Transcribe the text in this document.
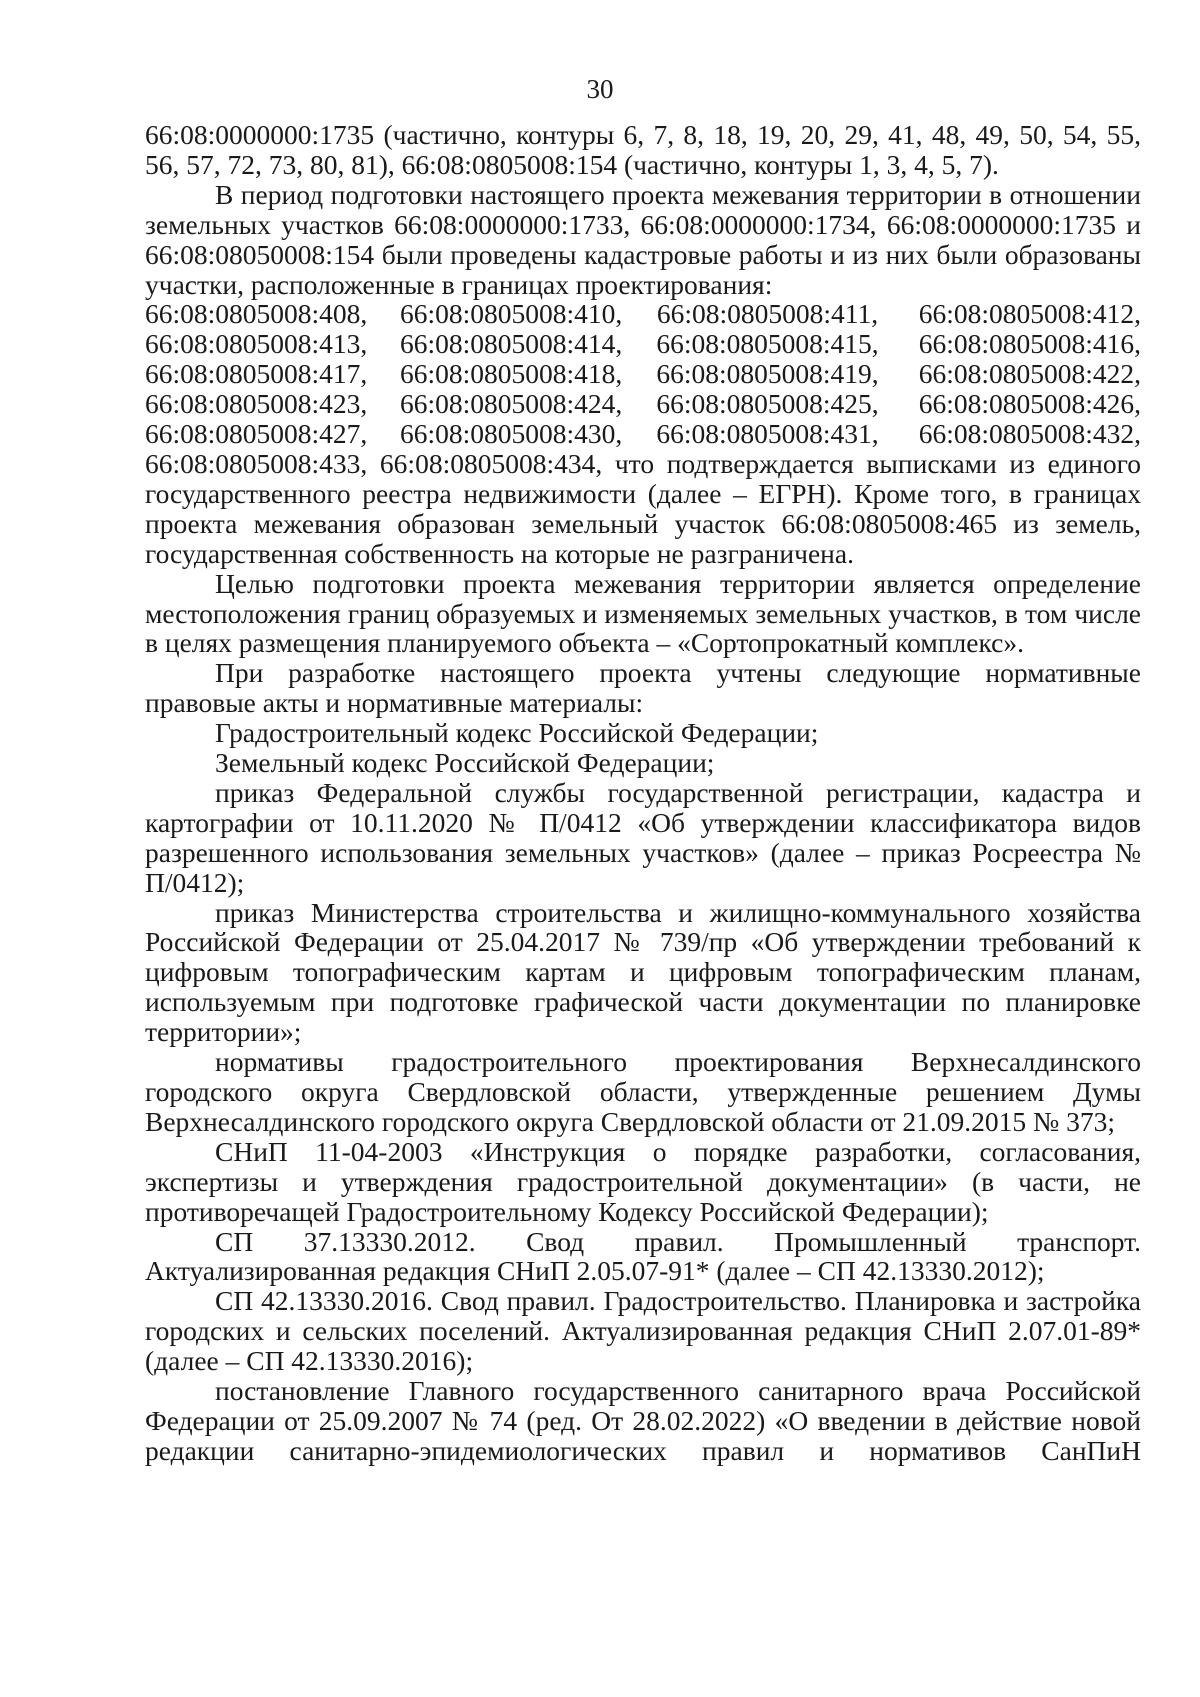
30

66:08:0000000:1735 (частично, контуры 6, 7, 8, 18, 19, 20, 29, 41, 48, 49, 50, 54, 55, 56, 57, 72, 73, 80, 81), 66:08:0805008:154 (частично, контуры 1, 3, 4, 5, 7).

В период подготовки настоящего проекта межевания территории в отношении земельных участков 66:08:0000000:1733, 66:08:0000000:1734, 66:08:0000000:1735 и 66:08:08050008:154 были проведены кадастровые работы и из них были образованы участки, расположенные в границах проектирования:

66:08:0805008:408,	66:08:0805008:410,	66:08:0805008:411,	66:08:0805008:412,
66:08:0805008:413,	66:08:0805008:414,	66:08:0805008:415,	66:08:0805008:416,
66:08:0805008:417,	66:08:0805008:418,	66:08:0805008:419,	66:08:0805008:422,
66:08:0805008:423,	66:08:0805008:424,	66:08:0805008:425,	66:08:0805008:426,
66:08:0805008:427,	66:08:0805008:430,	66:08:0805008:431,	66:08:0805008:432,

66:08:0805008:433, 66:08:0805008:434, что подтверждается выписками из единого государственного реестра недвижимости (далее – ЕГРН). Кроме того, в границах проекта межевания образован земельный участок 66:08:0805008:465 из земель, государственная собственность на которые не разграничена.

Целью подготовки проекта межевания территории является определение местоположения границ образуемых и изменяемых земельных участков, в том числе в целях размещения планируемого объекта – «Сортопрокатный комплекс».

При разработке настоящего проекта учтены следующие нормативные правовые акты и нормативные материалы:

Градостроительный кодекс Российской Федерации;

Земельный кодекс Российской Федерации;

приказ Федеральной службы государственной регистрации, кадастра и картографии от 10.11.2020 № П/0412 «Об утверждении классификатора видов разрешенного использования земельных участков» (далее – приказ Росреестра № П/0412);

приказ Министерства строительства и жилищно-коммунального хозяйства Российской Федерации от 25.04.2017 № 739/пр «Об утверждении требований к цифровым топографическим картам и цифровым топографическим планам, используемым при подготовке графической части документации по планировке территории»;

нормативы градостроительного проектирования Верхнесалдинского городского округа Свердловской области, утвержденные решением Думы Верхнесалдинского городского округа Свердловской области от 21.09.2015 № 373;

СНиП 11-04-2003 «Инструкция о порядке разработки, согласования, экспертизы и утверждения градостроительной документации» (в части, не противоречащей Градостроительному Кодексу Российской Федерации);

СП 37.13330.2012. Свод правил. Промышленный транспорт. Актуализированная редакция СНиП 2.05.07-91* (далее – СП 42.13330.2012);

СП 42.13330.2016. Свод правил. Градостроительство. Планировка и застройка городских и сельских поселений. Актуализированная редакция СНиП 2.07.01-89* (далее – СП 42.13330.2016);

постановление Главного государственного санитарного врача Российской Федерации от 25.09.2007 № 74 (ред. От 28.02.2022) «О введении в действие новой редакции санитарно-эпидемиологических правил и нормативов СанПиН
